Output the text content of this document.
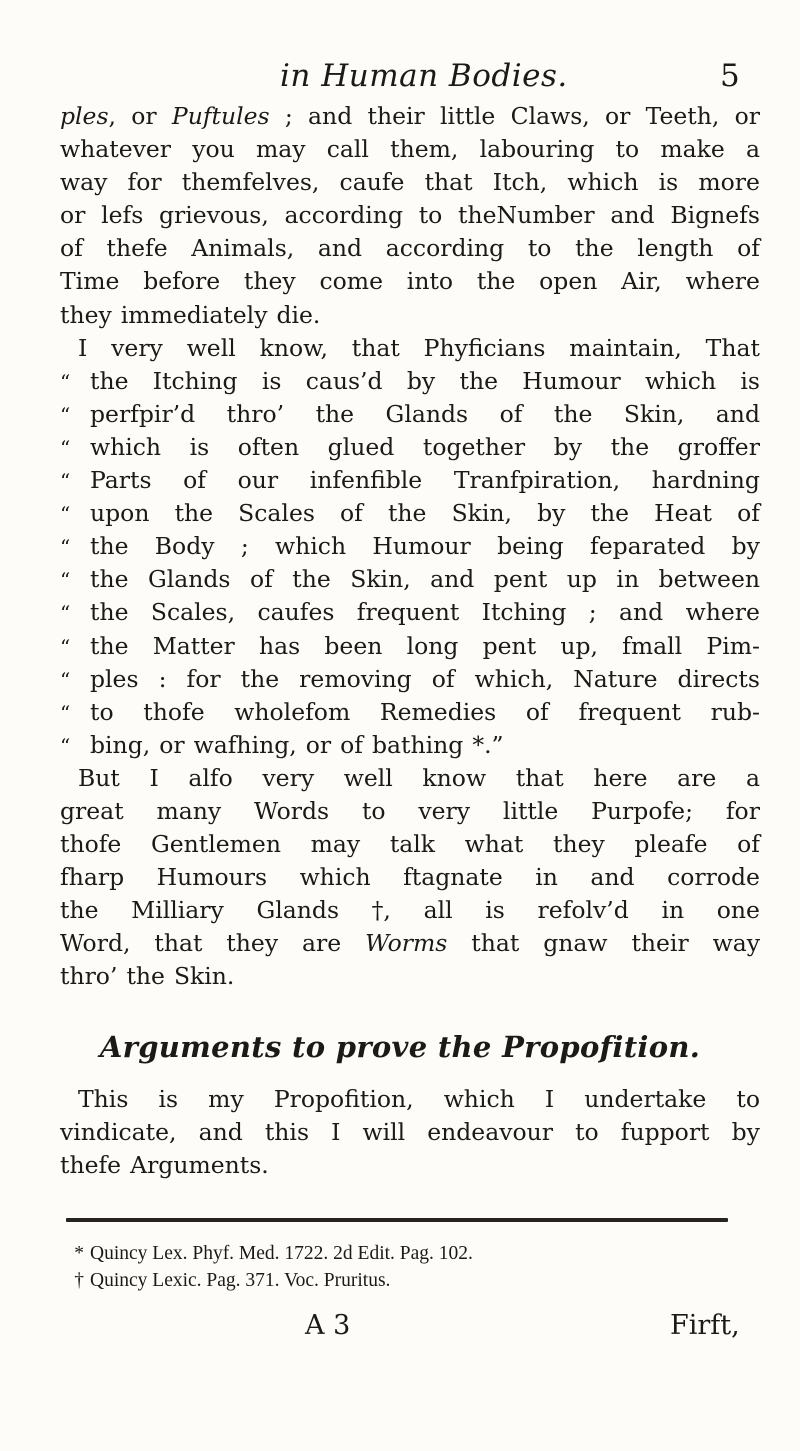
in Human Bodies.	5
ples, or Puftules ; and their little Claws, or Teeth, or
whatever you may call them, labouring to make a
way for themfelves, caufe that Itch, which is more
or lefs grievous, according to theNumber and Bignefs
of thefe Animals, and according to the length of
Time before they come into the open Air, where
they immediately die.
I very well know, that Phyficians maintain, That
“ the Itching is caus’d by the Humour which is
“ perfpir’d thro’ the Glands of the Skin, and
“ which is often glued together by the groffer
“ Parts of our infenfible Tranfpiration, hardning
“ upon the Scales of the Skin, by the Heat of
“ the Body ; which Humour being feparated by
“ the Glands of the Skin, and pent up in between
“ the Scales, caufes frequent Itching ; and where
“ the Matter has been long pent up, fmall Pim-
“ ples : for the removing of which, Nature directs
“ to thofe wholefom Remedies of frequent rub-
“ bing, or wafhing, or of bathing *.”
But I alfo very well know that here are a
great many Words to very little Purpofe; for
thofe Gentlemen may talk what they pleafe of
fharp Humours which ftagnate in and corrode
the Milliary Glands †, all is refolv’d in one
Word, that they are Worms that gnaw their way
thro’ the Skin.
Arguments to prove the Propofition.
This is my Propofition, which I undertake to
vindicate, and this I will endeavour to fupport by
thefe Arguments.
* Quincy Lex. Phyf. Med. 1722. 2d Edit. Pag. 102.
† Quincy Lexic. Pag. 371. Voc. Pruritus.
A 3	Firft,
